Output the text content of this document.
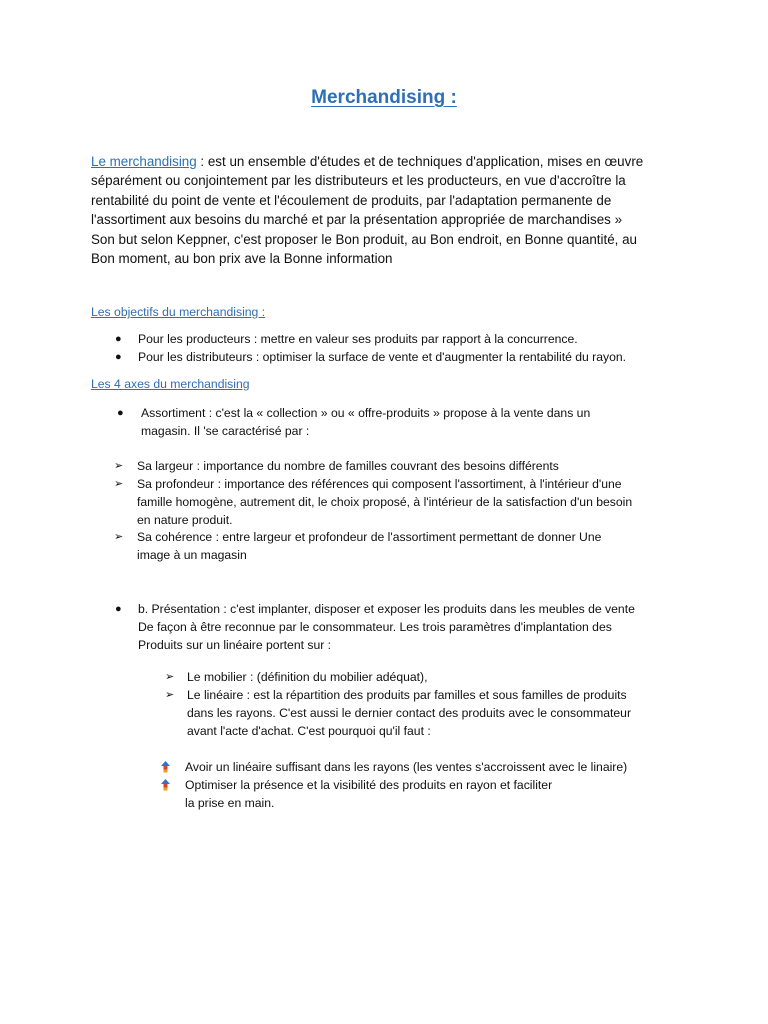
Merchandising :
Le merchandising : est un ensemble d'études et de techniques d'application, mises en œuvre
séparément ou conjointement par les distributeurs et les producteurs, en vue d'accroître la
rentabilité du point de vente et l'écoulement de produits, par l'adaptation permanente de
l'assortiment aux besoins du marché et par la présentation appropriée de marchandises »
Son but selon Keppner, c'est proposer le Bon produit, au Bon endroit, en Bonne quantité, au
Bon moment, au bon prix ave la Bonne information
Les objectifs du merchandising :
● Pour les producteurs : mettre en valeur ses produits par rapport à la concurrence.
● Pour les distributeurs : optimiser la surface de vente et d'augmenter la rentabilité du rayon.
Les 4 axes du merchandising
● Assortiment : c'est la « collection » ou « offre-produits » propose à la vente dans un
magasin. Il 'se caractérisé par :
➢ Sa largeur : importance du nombre de familles couvrant des besoins différents
➢ Sa profondeur : importance des références qui composent l'assortiment, à l'intérieur d'une
famille homogène, autrement dit, le choix proposé, à l'intérieur de la satisfaction d'un besoin
en nature produit.
➢ Sa cohérence : entre largeur et profondeur de l'assortiment permettant de donner Une
image à un magasin
● b. Présentation : c'est implanter, disposer et exposer les produits dans les meubles de vente
De façon à être reconnue par le consommateur. Les trois paramètres d'implantation des
Produits sur un linéaire portent sur :
➢ Le mobilier : (définition du mobilier adéquat),
➢ Le linéaire : est la répartition des produits par familles et sous familles de produits
dans les rayons. C'est aussi le dernier contact des produits avec le consommateur
avant l'acte d'achat. C'est pourquoi qu'il faut :
Avoir un linéaire suffisant dans les rayons (les ventes s'accroissent avec le linaire)
Optimiser la présence et la visibilité des produits en rayon et faciliter
la prise en main.
